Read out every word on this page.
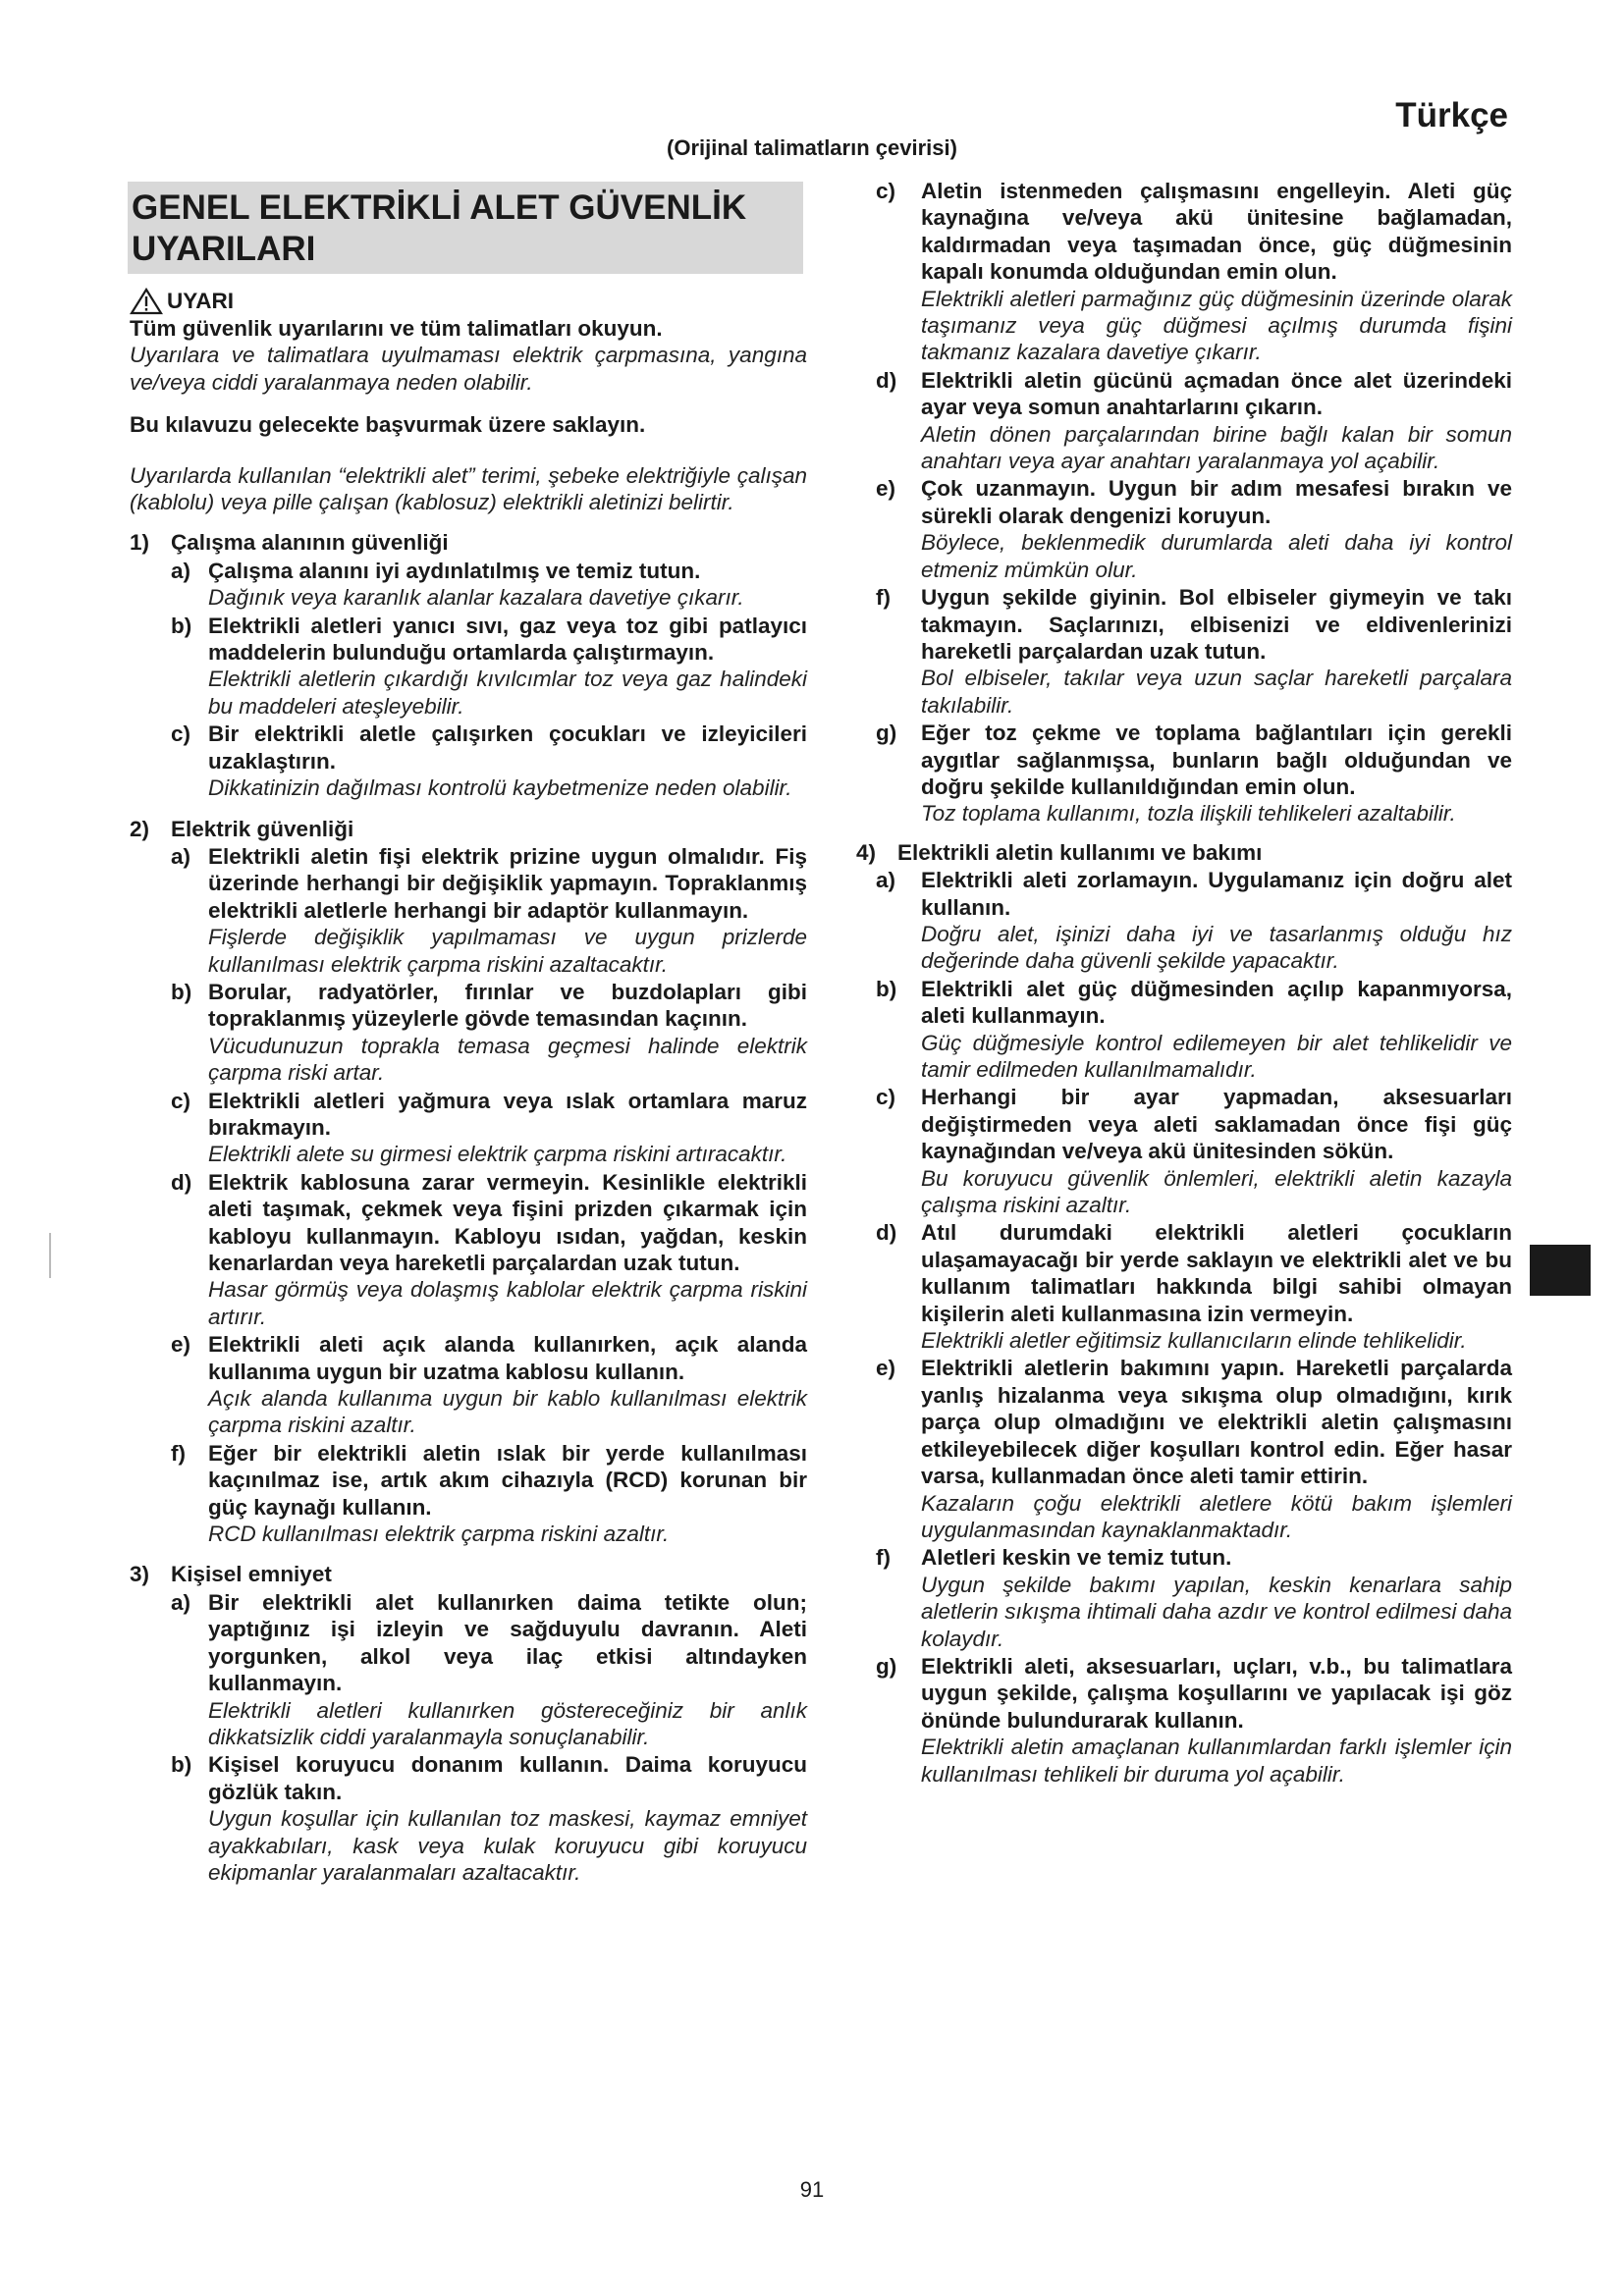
Türkçe
(Orijinal talimatların çevirisi)
GENEL ELEKTRİKLİ ALET GÜVENLİK
UYARILARI
UYARI
Tüm güvenlik uyarılarını ve tüm talimatları okuyun.
Uyarılara ve talimatlara uyulmaması elektrik çarpmasına, yangına ve/veya ciddi yaralanmaya neden olabilir.
Bu kılavuzu gelecekte başvurmak üzere saklayın.
Uyarılarda kullanılan “elektrikli alet” terimi, şebeke elektriğiyle çalışan (kablolu) veya pille çalışan (kablosuz) elektrikli aletinizi belirtir.
1) Çalışma alanının güvenliği
a) Çalışma alanını iyi aydınlatılmış ve temiz tutun.
Dağınık veya karanlık alanlar kazalara davetiye çıkarır.
b) Elektrikli aletleri yanıcı sıvı, gaz veya toz gibi patlayıcı maddelerin bulunduğu ortamlarda çalıştırmayın.
Elektrikli aletlerin çıkardığı kıvılcımlar toz veya gaz halindeki bu maddeleri ateşleyebilir.
c) Bir elektrikli aletle çalışırken çocukları ve izleyicileri uzaklaştırın.
Dikkatinizin dağılması kontrolü kaybetmenize neden olabilir.
2) Elektrik güvenliği
a) Elektrikli aletin fişi elektrik prizine uygun olmalıdır. Fiş üzerinde herhangi bir değişiklik yapmayın. Topraklanmış elektrikli aletlerle herhangi bir adaptör kullanmayın.
Fişlerde değişiklik yapılmaması ve uygun prizlerde kullanılması elektrik çarpma riskini azaltacaktır.
b) Borular, radyatörler, fırınlar ve buzdolapları gibi topraklanmış yüzeylerle gövde temasından kaçının.
Vücudunuzun toprakla temasa geçmesi halinde elektrik çarpma riski artar.
c) Elektrikli aletleri yağmura veya ıslak ortamlara maruz bırakmayın.
Elektrikli alete su girmesi elektrik çarpma riskini artıracaktır.
d) Elektrik kablosuna zarar vermeyin. Kesinlikle elektrikli aleti taşımak, çekmek veya fişini prizden çıkarmak için kabloyu kullanmayın. Kabloyu ısıdan, yağdan, keskin kenarlardan veya hareketli parçalardan uzak tutun.
Hasar görmüş veya dolaşmış kablolar elektrik çarpma riskini artırır.
e) Elektrikli aleti açık alanda kullanırken, açık alanda kullanıma uygun bir uzatma kablosu kullanın.
Açık alanda kullanıma uygun bir kablo kullanılması elektrik çarpma riskini azaltır.
f)	Eğer bir elektrikli aletin ıslak bir yerde kullanılması kaçınılmaz ise, artık akım cihazıyla (RCD) korunan bir güç kaynağı kullanın.
RCD kullanılması elektrik çarpma riskini azaltır.
3) Kişisel emniyet
a) Bir elektrikli alet kullanırken daima tetikte olun; yaptığınız işi izleyin ve sağduyulu davranın. Aleti yorgunken, alkol veya ilaç etkisi altındayken kullanmayın.
Elektrikli aletleri kullanırken göstereceğiniz bir anlık dikkatsizlik ciddi yaralanmayla sonuçlanabilir.
b) Kişisel koruyucu donanım kullanın. Daima koruyucu gözlük takın.
Uygun koşullar için kullanılan toz maskesi, kaymaz emniyet ayakkabıları, kask veya kulak koruyucu gibi koruyucu ekipmanlar yaralanmaları azaltacaktır.
c)	Aletin istenmeden çalışmasını engelleyin. Aleti güç kaynağına ve/veya akü ünitesine bağlamadan, kaldırmadan veya taşımadan önce, güç düğmesinin kapalı konumda olduğundan emin olun.
Elektrikli aletleri parmağınız güç düğmesinin üzerinde olarak taşımanız veya güç düğmesi açılmış durumda fişini takmanız kazalara davetiye çıkarır.
d)	Elektrikli aletin gücünü açmadan önce alet üzerindeki ayar veya somun anahtarlarını çıkarın.
Aletin dönen parçalarından birine bağlı kalan bir somun anahtarı veya ayar anahtarı yaralanmaya yol açabilir.
e)	Çok uzanmayın. Uygun bir adım mesafesi bırakın ve sürekli olarak dengenizi koruyun.
Böylece, beklenmedik durumlarda aleti daha iyi kontrol etmeniz mümkün olur.
f)	Uygun şekilde giyinin. Bol elbiseler giymeyin ve takı takmayın. Saçlarınızı, elbisenizi ve eldivenlerinizi hareketli parçalardan uzak tutun.
Bol elbiseler, takılar veya uzun saçlar hareketli parçalara takılabilir.
g)	Eğer toz çekme ve toplama bağlantıları için gerekli aygıtlar sağlanmışsa, bunların bağlı olduğundan ve doğru şekilde kullanıldığından emin olun.
Toz toplama kullanımı, tozla ilişkili tehlikeleri azaltabilir.
4) Elektrikli aletin kullanımı ve bakımı
a)	Elektrikli aleti zorlamayın. Uygulamanız için doğru alet kullanın.
Doğru alet, işinizi daha iyi ve tasarlanmış olduğu hız değerinde daha güvenli şekilde yapacaktır.
b)	Elektrikli alet güç düğmesinden açılıp kapanmıyorsa, aleti kullanmayın.
Güç düğmesiyle kontrol edilemeyen bir alet tehlikelidir ve tamir edilmeden kullanılmamalıdır.
c)	Herhangi bir ayar yapmadan, aksesuarları değiştirmeden veya aleti saklamadan önce fişi güç kaynağından ve/veya akü ünitesinden sökün.
Bu koruyucu güvenlik önlemleri, elektrikli aletin kazayla çalışma riskini azaltır.
d)	Atıl durumdaki elektrikli aletleri çocukların ulaşamayacağı bir yerde saklayın ve elektrikli alet ve bu kullanım talimatları hakkında bilgi sahibi olmayan kişilerin aleti kullanmasına izin vermeyin.
Elektrikli aletler eğitimsiz kullanıcıların elinde tehlikelidir.
e)	Elektrikli aletlerin bakımını yapın. Hareketli parçalarda yanlış hizalanma veya sıkışma olup olmadığını, kırık parça olup olmadığını ve elektrikli aletin çalışmasını etkileyebilecek diğer koşulları kontrol edin. Eğer hasar varsa, kullanmadan önce aleti tamir ettirin.
Kazaların çoğu elektrikli aletlere kötü bakım işlemleri uygulanmasından kaynaklanmaktadır.
f)	Aletleri keskin ve temiz tutun.
Uygun şekilde bakımı yapılan, keskin kenarlara sahip aletlerin sıkışma ihtimali daha azdır ve kontrol edilmesi daha kolaydır.
g)	Elektrikli aleti, aksesuarları, uçları, v.b., bu talimatlara uygun şekilde, çalışma koşullarını ve yapılacak işi göz önünde bulundurarak kullanın.
Elektrikli aletin amaçlanan kullanımlardan farklı işlemler için kullanılması tehlikeli bir duruma yol açabilir.
91
